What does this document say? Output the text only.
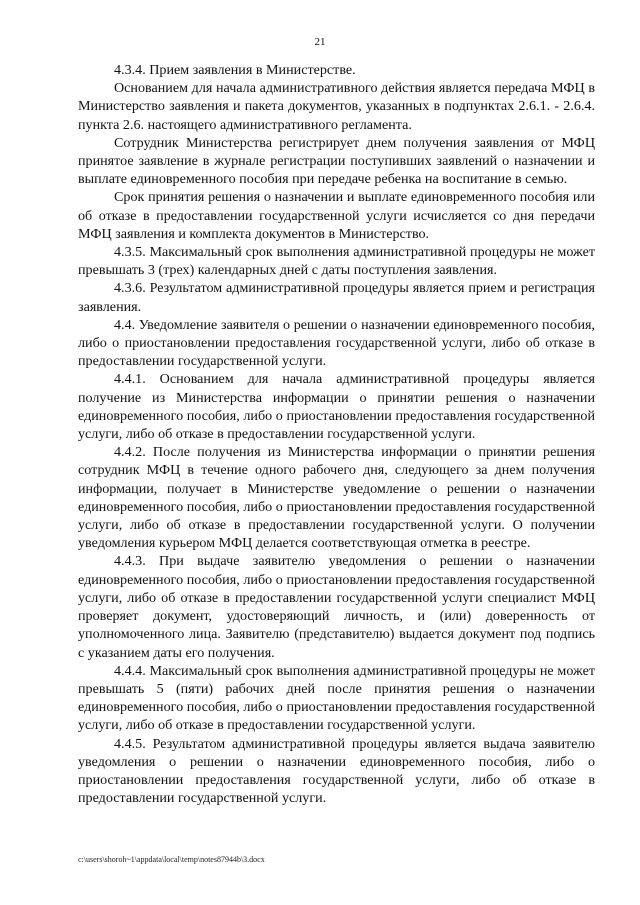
21

4.3.4. Прием заявления в Министерстве.

Основанием для начала административного действия является передача МФЦ в Министерство заявления и пакета документов, указанных в подпунктах 2.6.1. - 2.6.4. пункта 2.6. настоящего административного регламента.

Сотрудник Министерства регистрирует днем получения заявления от МФЦ принятое заявление в журнале регистрации поступивших заявлений о назначении и выплате единовременного пособия при передаче ребенка на воспитание в семью.

Срок принятия решения о назначении и выплате единовременного пособия или об отказе в предоставлении государственной услуги исчисляется со дня передачи МФЦ заявления и комплекта документов в Министерство.

4.3.5. Максимальный срок выполнения административной процедуры не может превышать 3 (трех) календарных дней с даты поступления заявления.

4.3.6. Результатом административной процедуры является прием и регистрация заявления.

4.4. Уведомление заявителя о решении о назначении единовременного пособия, либо о приостановлении предоставления государственной услуги, либо об отказе в предоставлении государственной услуги.

4.4.1. Основанием для начала административной процедуры является получение из Министерства информации о принятии решения о назначении единовременного пособия, либо о приостановлении предоставления государственной услуги, либо об отказе в предоставлении государственной услуги.

4.4.2. После получения из Министерства информации о принятии решения сотрудник МФЦ в течение одного рабочего дня, следующего за днем получения информации, получает в Министерстве уведомление о решении о назначении единовременного пособия, либо о приостановлении предоставления государственной услуги, либо об отказе в предоставлении государственной услуги. О получении уведомления курьером МФЦ делается соответствующая отметка в реестре.

4.4.3. При выдаче заявителю уведомления о решении о назначении единовременного пособия, либо о приостановлении предоставления государственной услуги, либо об отказе в предоставлении государственной услуги специалист МФЦ проверяет документ, удостоверяющий личность, и (или) доверенность от уполномоченного лица. Заявителю (представителю) выдается документ под подпись с указанием даты его получения.

4.4.4. Максимальный срок выполнения административной процедуры не может превышать 5 (пяти) рабочих дней после принятия решения о назначении единовременного пособия, либо о приостановлении предоставления государственной услуги, либо об отказе в предоставлении государственной услуги.

4.4.5. Результатом административной процедуры является выдача заявителю уведомления о решении о назначении единовременного пособия, либо о приостановлении предоставления государственной услуги, либо об отказе в предоставлении государственной услуги.

c:\users\shoroh~1\appdata\local\temp\notes87944b\3.docx
